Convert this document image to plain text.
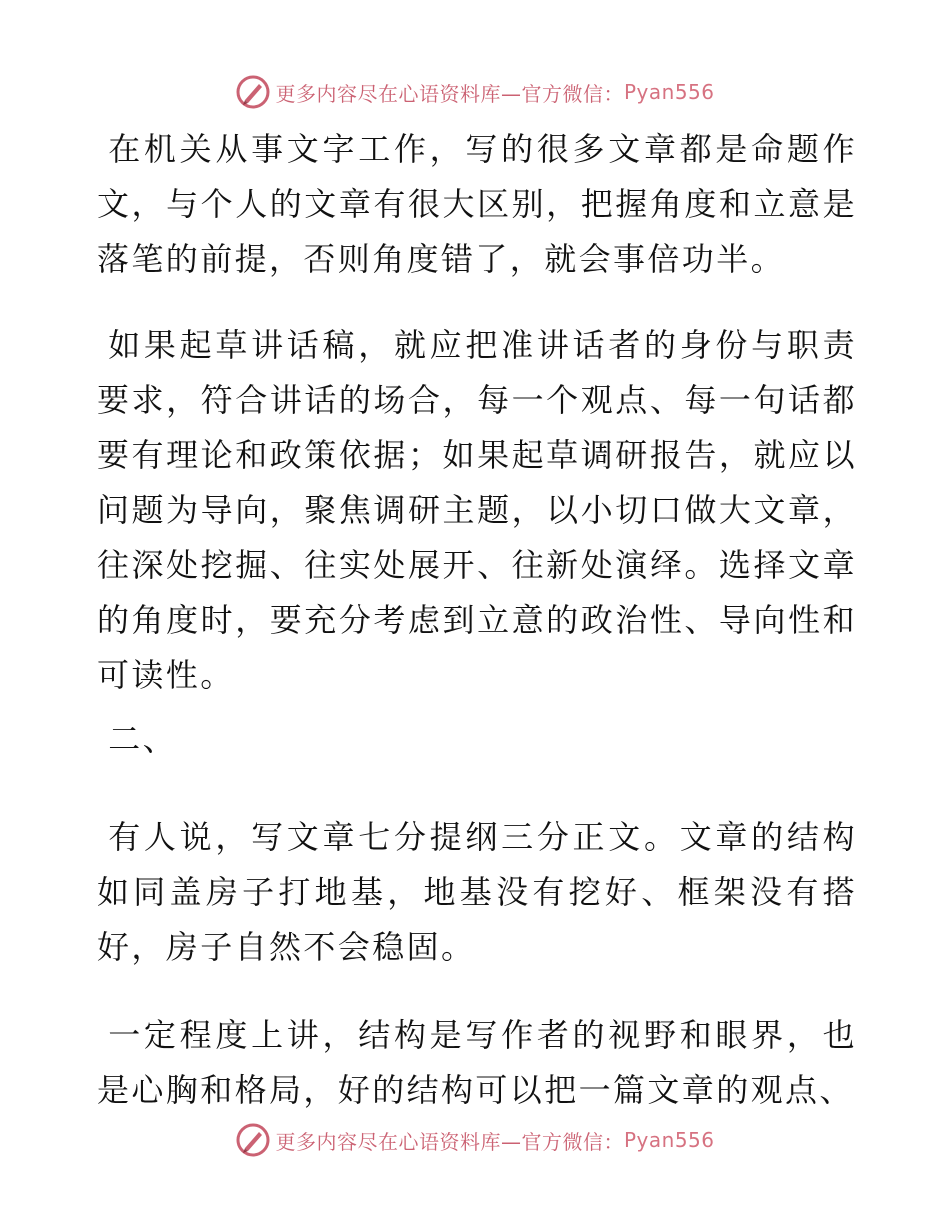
更多内容尽在心语资料库—官方微信： Pyan556

在机关从事文字工作，写的很多文章都是命题作文，与个人的文章有很大区别，把握角度和立意是落笔的前提，否则角度错了，就会事倍功半。

如果起草讲话稿，就应把准讲话者的身份与职责要求，符合讲话的场合，每一个观点、每一句话都要有理论和政策依据；如果起草调研报告，就应以问题为导向，聚焦调研主题，以小切口做大文章，往深处挖掘、往实处展开、往新处演绎。选择文章的角度时，要充分考虑到立意的政治性、导向性和可读性。

二、

有人说，写文章七分提纲三分正文。文章的结构如同盖房子打地基，地基没有挖好、框架没有搭好，房子自然不会稳固。

一定程度上讲，结构是写作者的视野和眼界，也是心胸和格局，好的结构可以把一篇文章的观点、

更多内容尽在心语资料库—官方微信： Pyan556
